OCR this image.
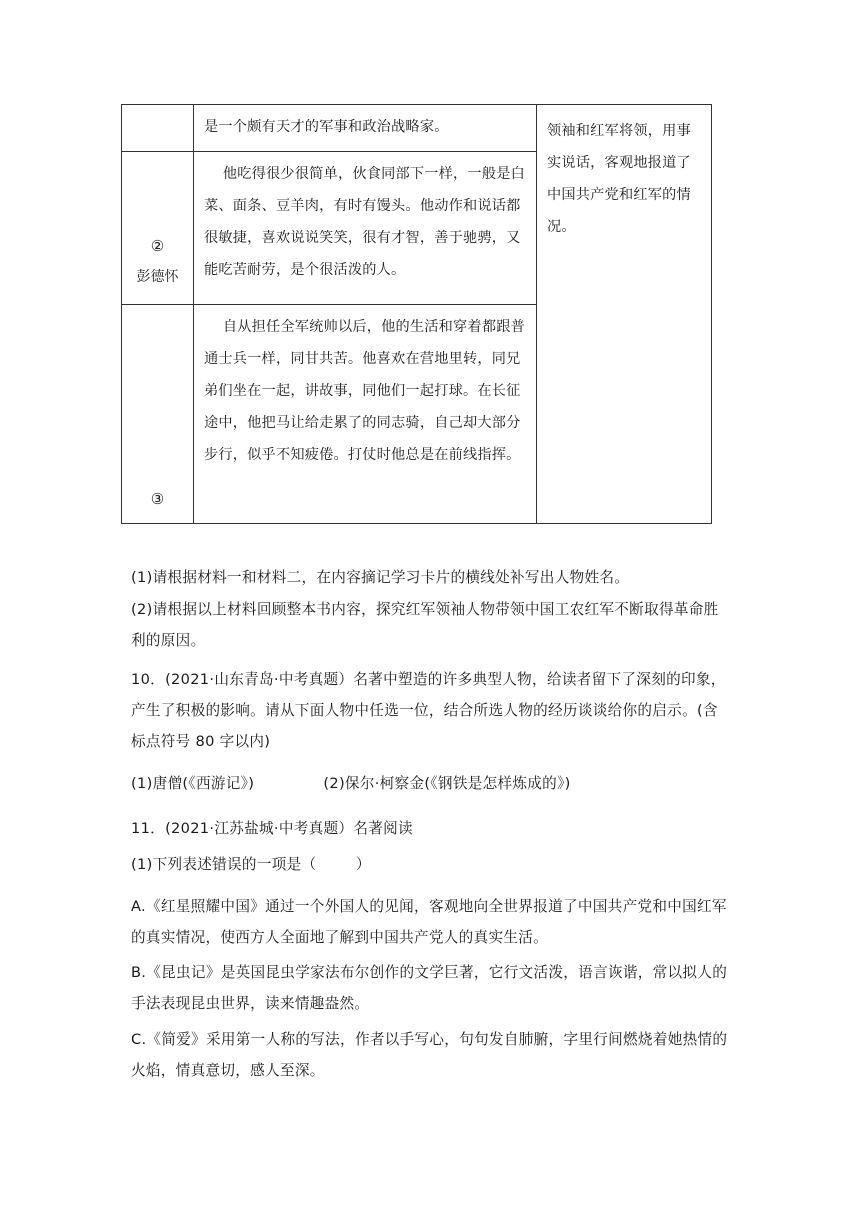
	是一个颇有天才的军事和政治战略家。	领袖和红军将领，用事实说话，客观地报道了中国共产党和红军的情况。

②
彭德怀	他吃得很少很简单，伙食同部下一样，一般是白菜、面条、豆羊肉，有时有馒头。他动作和说话都很敏捷，喜欢说说笑笑，很有才智，善于驰骋，又能吃苦耐劳，是个很活泼的人。	

③	自从担任全军统帅以后，他的生活和穿着都跟普通士兵一样，同甘共苦。他喜欢在营地里转，同兄弟们坐在一起，讲故事，同他们一起打球。在长征途中，他把马让给走累了的同志骑，自己却大部分步行，似乎不知疲倦。打仗时他总是在前线指挥。	

(1)请根据材料一和材料二，在内容摘记学习卡片的横线处补写出人物姓名。

(2)请根据以上材料回顾整本书内容，探究红军领袖人物带领中国工农红军不断取得革命胜利的原因。

10．(2021·山东青岛·中考真题）名著中塑造的许多典型人物，给读者留下了深刻的印象，产生了积极的影响。请从下面人物中任选一位，结合所选人物的经历谈谈给你的启示。(含标点符号 80 字以内)

(1)唐僧(《西游记》)              (2)保尔·柯察金(《钢铁是怎样炼成的》)

11．(2021·江苏盐城·中考真题）名著阅读

(1)下列表述错误的一项是（        ）

A.《红星照耀中国》通过一个外国人的见闻，客观地向全世界报道了中国共产党和中国红军的真实情况，使西方人全面地了解到中国共产党人的真实生活。

B.《昆虫记》是英国昆虫学家法布尔创作的文学巨著，它行文活泼，语言诙谐，常以拟人的手法表现昆虫世界，读来情趣盎然。

C.《简爱》采用第一人称的写法，作者以手写心，句句发自肺腑，字里行间燃烧着她热情的火焰，情真意切，感人至深。
